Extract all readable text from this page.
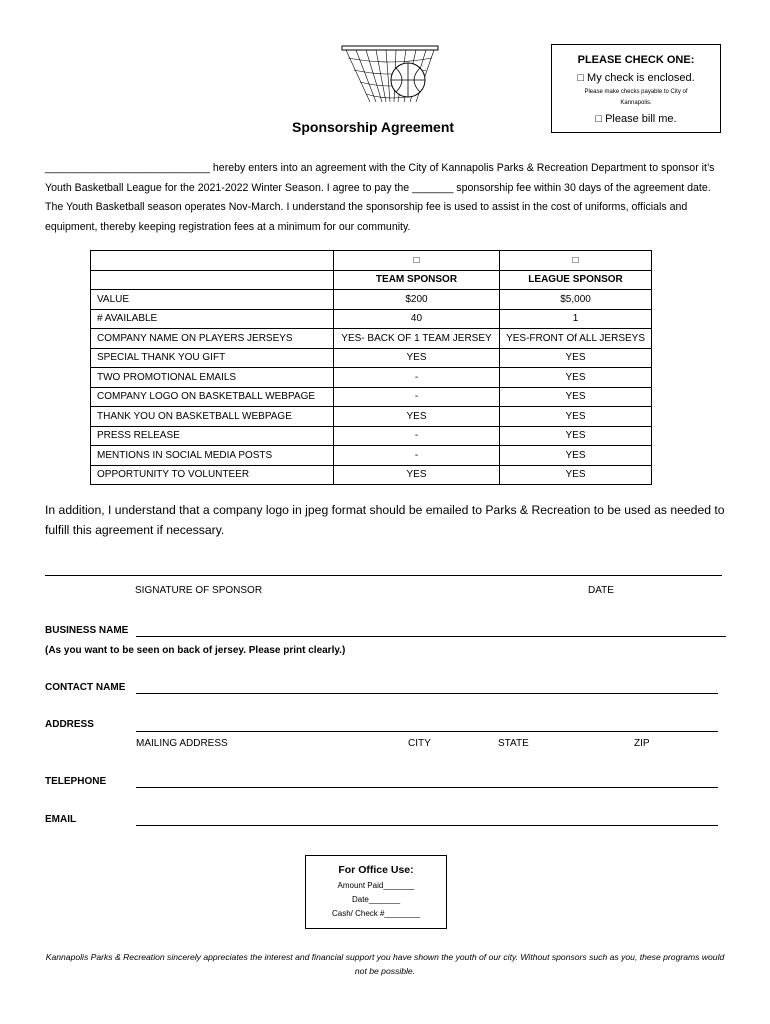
Sponsorship Agreement
PLEASE CHECK ONE:
□ My check is enclosed.
Please make checks payable to City of Kannapolis.
□ Please bill me.
____________________________ hereby enters into an agreement with the City of Kannapolis Parks & Recreation Department to sponsor it’s Youth Basketball League for the 2021-2022 Winter Season. I agree to pay the _______ sponsorship fee within 30 days of the agreement date. The Youth Basketball season operates Nov-March. I understand the sponsorship fee is used to assist in the cost of uniforms, officials and equipment, thereby keeping registration fees at a minimum for our community.
	□	□
	TEAM SPONSOR	LEAGUE SPONSOR
VALUE	$200	$5,000
# AVAILABLE	40	1
COMPANY NAME ON PLAYERS JERSEYS	YES- BACK OF 1 TEAM JERSEY	YES-FRONT Of ALL JERSEYS
SPECIAL THANK YOU GIFT	YES	YES
TWO PROMOTIONAL EMAILS	-	YES
COMPANY LOGO ON BASKETBALL WEBPAGE	-	YES
THANK YOU ON BASKETBALL WEBPAGE	YES	YES
PRESS RELEASE	-	YES
MENTIONS IN SOCIAL MEDIA POSTS	-	YES
OPPORTUNITY TO VOLUNTEER	YES	YES
In addition, I understand that a company logo in jpeg format should be emailed to Parks & Recreation to be used as needed to fulfill this agreement if necessary.
SIGNATURE OF SPONSOR	DATE
BUSINESS NAME
(As you want to be seen on back of jersey. Please print clearly.)
CONTACT NAME
ADDRESS
MAILING ADDRESS	CITY	STATE	ZIP
TELEPHONE
EMAIL
For Office Use:
Amount Paid_______
Date_______
Cash/ Check #________
Kannapolis Parks & Recreation sincerely appreciates the interest and financial support you have shown the youth of our city. Without sponsors such as you, these programs would not be possible.
